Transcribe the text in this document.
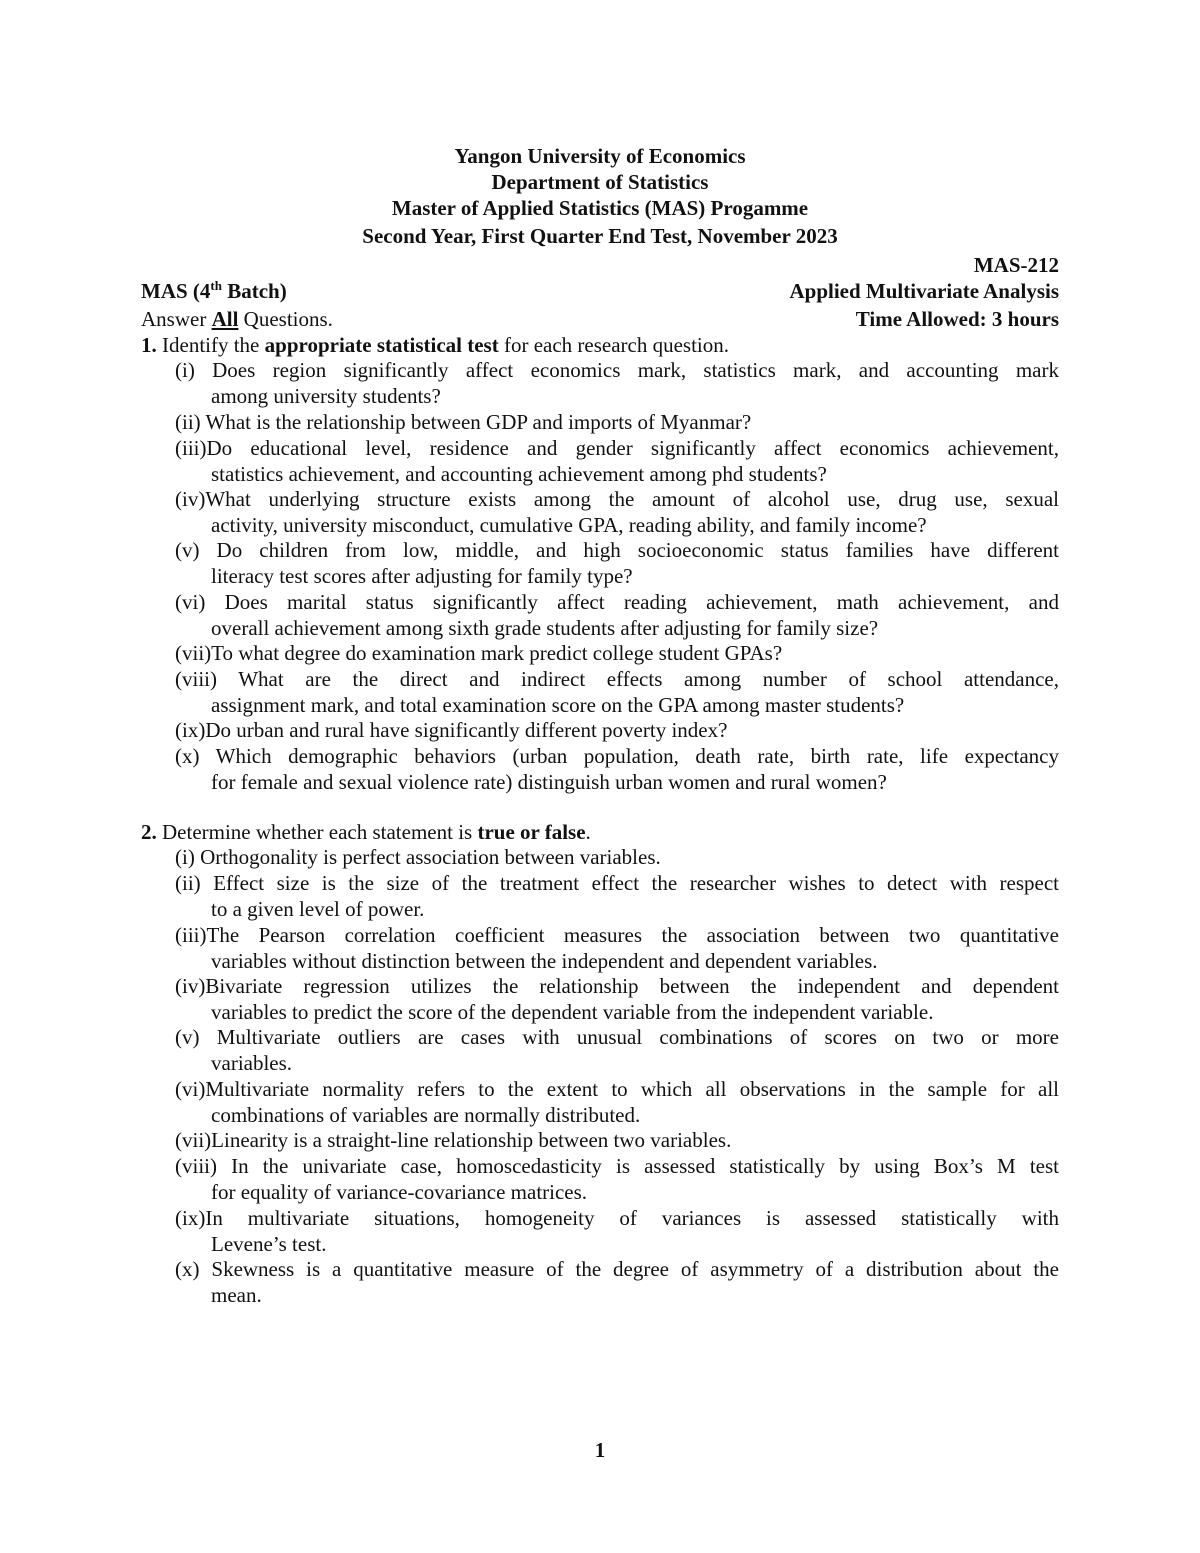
Yangon University of Economics
Department of Statistics
Master of Applied Statistics (MAS) Progamme
Second Year, First Quarter End Test, November 2023
MAS-212
MAS (4th Batch)	Applied Multivariate Analysis
Answer All Questions.	Time Allowed: 3 hours
1. Identify the appropriate statistical test for each research question.
(i) Does region significantly affect economics mark, statistics mark, and accounting mark
among university students?
(ii) What is the relationship between GDP and imports of Myanmar?
(iii)Do educational level, residence and gender significantly affect economics achievement,
statistics achievement, and accounting achievement among phd students?
(iv)What underlying structure exists among the amount of alcohol use, drug use, sexual
activity, university misconduct, cumulative GPA, reading ability, and family income?
(v) Do children from low, middle, and high socioeconomic status families have different
literacy test scores after adjusting for family type?
(vi) Does marital status significantly affect reading achievement, math achievement, and
overall achievement among sixth grade students after adjusting for family size?
(vii)To what degree do examination mark predict college student GPAs?
(viii) What are the direct and indirect effects among number of school attendance,
assignment mark, and total examination score on the GPA among master students?
(ix)Do urban and rural have significantly different poverty index?
(x) Which demographic behaviors (urban population, death rate, birth rate, life expectancy
for female and sexual violence rate) distinguish urban women and rural women?
2. Determine whether each statement is true or false.
(i) Orthogonality is perfect association between variables.
(ii) Effect size is the size of the treatment effect the researcher wishes to detect with respect
to a given level of power.
(iii)The Pearson correlation coefficient measures the association between two quantitative
variables without distinction between the independent and dependent variables.
(iv)Bivariate regression utilizes the relationship between the independent and dependent
variables to predict the score of the dependent variable from the independent variable.
(v) Multivariate outliers are cases with unusual combinations of scores on two or more
variables.
(vi)Multivariate normality refers to the extent to which all observations in the sample for all
combinations of variables are normally distributed.
(vii)Linearity is a straight-line relationship between two variables.
(viii) In the univariate case, homoscedasticity is assessed statistically by using Box’s M test
for equality of variance-covariance matrices.
(ix)In multivariate situations, homogeneity of variances is assessed statistically with
Levene’s test.
(x) Skewness is a quantitative measure of the degree of asymmetry of a distribution about the
mean.
1
